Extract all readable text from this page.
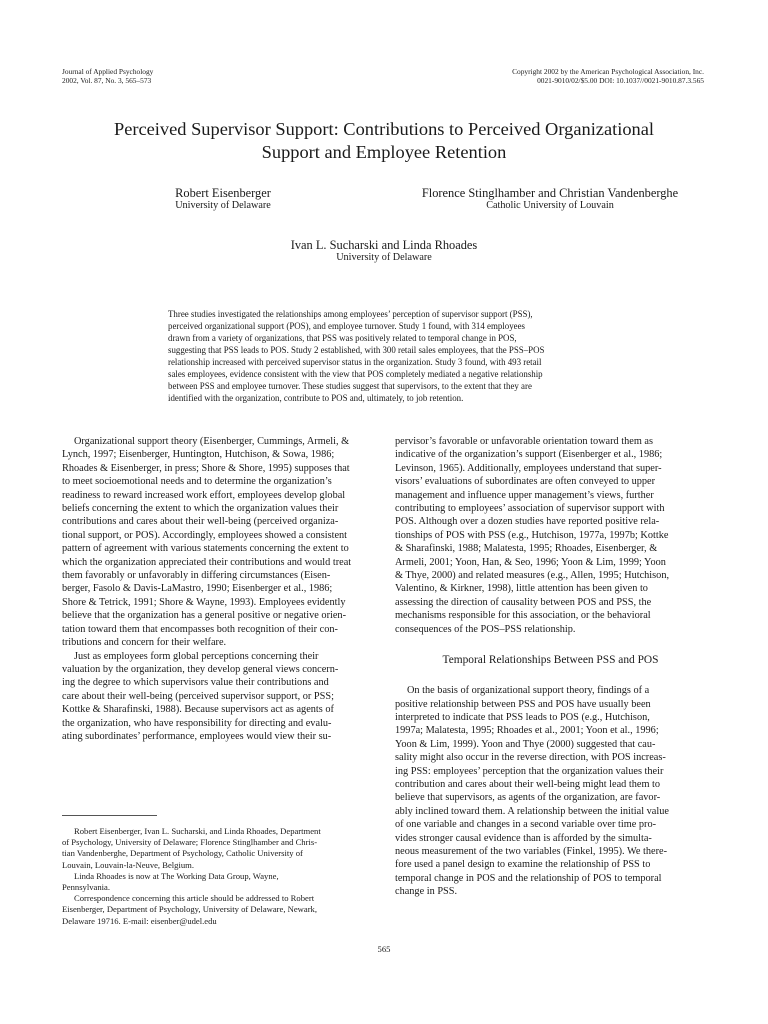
Journal of Applied Psychology
2002, Vol. 87, No. 3, 565–573
Copyright 2002 by the American Psychological Association, Inc.
0021-9010/02/$5.00 DOI: 10.1037//0021-9010.87.3.565
Perceived Supervisor Support: Contributions to Perceived Organizational
Support and Employee Retention
Robert Eisenberger
University of Delaware
Florence Stinglhamber and Christian Vandenberghe
Catholic University of Louvain
Ivan L. Sucharski and Linda Rhoades
University of Delaware
Three studies investigated the relationships among employees’ perception of supervisor support (PSS),
perceived organizational support (POS), and employee turnover. Study 1 found, with 314 employees
drawn from a variety of organizations, that PSS was positively related to temporal change in POS,
suggesting that PSS leads to POS. Study 2 established, with 300 retail sales employees, that the PSS–POS
relationship increased with perceived supervisor status in the organization. Study 3 found, with 493 retail
sales employees, evidence consistent with the view that POS completely mediated a negative relationship
between PSS and employee turnover. These studies suggest that supervisors, to the extent that they are
identified with the organization, contribute to POS and, ultimately, to job retention.
Organizational support theory (Eisenberger, Cummings, Armeli, &
Lynch, 1997; Eisenberger, Huntington, Hutchison, & Sowa, 1986;
Rhoades & Eisenberger, in press; Shore & Shore, 1995) supposes that
to meet socioemotional needs and to determine the organization’s
readiness to reward increased work effort, employees develop global
beliefs concerning the extent to which the organization values their
contributions and cares about their well-being (perceived organiza-
tional support, or POS). Accordingly, employees showed a consistent
pattern of agreement with various statements concerning the extent to
which the organization appreciated their contributions and would treat
them favorably or unfavorably in differing circumstances (Eisen-
berger, Fasolo & Davis-LaMastro, 1990; Eisenberger et al., 1986;
Shore & Tetrick, 1991; Shore & Wayne, 1993). Employees evidently
believe that the organization has a general positive or negative orien-
tation toward them that encompasses both recognition of their con-
tributions and concern for their welfare.
Just as employees form global perceptions concerning their
valuation by the organization, they develop general views concern-
ing the degree to which supervisors value their contributions and
care about their well-being (perceived supervisor support, or PSS;
Kottke & Sharafinski, 1988). Because supervisors act as agents of
the organization, who have responsibility for directing and evalu-
ating subordinates’ performance, employees would view their su-
Robert Eisenberger, Ivan L. Sucharski, and Linda Rhoades, Department
of Psychology, University of Delaware; Florence Stinglhamber and Chris-
tian Vandenberghe, Department of Psychology, Catholic University of
Louvain, Louvain-la-Neuve, Belgium.
Linda Rhoades is now at The Working Data Group, Wayne,
Pennsylvania.
Correspondence concerning this article should be addressed to Robert
Eisenberger, Department of Psychology, University of Delaware, Newark,
Delaware 19716. E-mail: eisenber@udel.edu
pervisor’s favorable or unfavorable orientation toward them as
indicative of the organization’s support (Eisenberger et al., 1986;
Levinson, 1965). Additionally, employees understand that super-
visors’ evaluations of subordinates are often conveyed to upper
management and influence upper management’s views, further
contributing to employees’ association of supervisor support with
POS. Although over a dozen studies have reported positive rela-
tionships of POS with PSS (e.g., Hutchison, 1977a, 1997b; Kottke
& Sharafinski, 1988; Malatesta, 1995; Rhoades, Eisenberger, &
Armeli, 2001; Yoon, Han, & Seo, 1996; Yoon & Lim, 1999; Yoon
& Thye, 2000) and related measures (e.g., Allen, 1995; Hutchison,
Valentino, & Kirkner, 1998), little attention has been given to
assessing the direction of causality between POS and PSS, the
mechanisms responsible for this association, or the behavioral
consequences of the POS–PSS relationship.
Temporal Relationships Between PSS and POS
On the basis of organizational support theory, findings of a
positive relationship between PSS and POS have usually been
interpreted to indicate that PSS leads to POS (e.g., Hutchison,
1997a; Malatesta, 1995; Rhoades et al., 2001; Yoon et al., 1996;
Yoon & Lim, 1999). Yoon and Thye (2000) suggested that cau-
sality might also occur in the reverse direction, with POS increas-
ing PSS: employees’ perception that the organization values their
contribution and cares about their well-being might lead them to
believe that supervisors, as agents of the organization, are favor-
ably inclined toward them. A relationship between the initial value
of one variable and changes in a second variable over time pro-
vides stronger causal evidence than is afforded by the simulta-
neous measurement of the two variables (Finkel, 1995). We there-
fore used a panel design to examine the relationship of PSS to
temporal change in POS and the relationship of POS to temporal
change in PSS.
565
